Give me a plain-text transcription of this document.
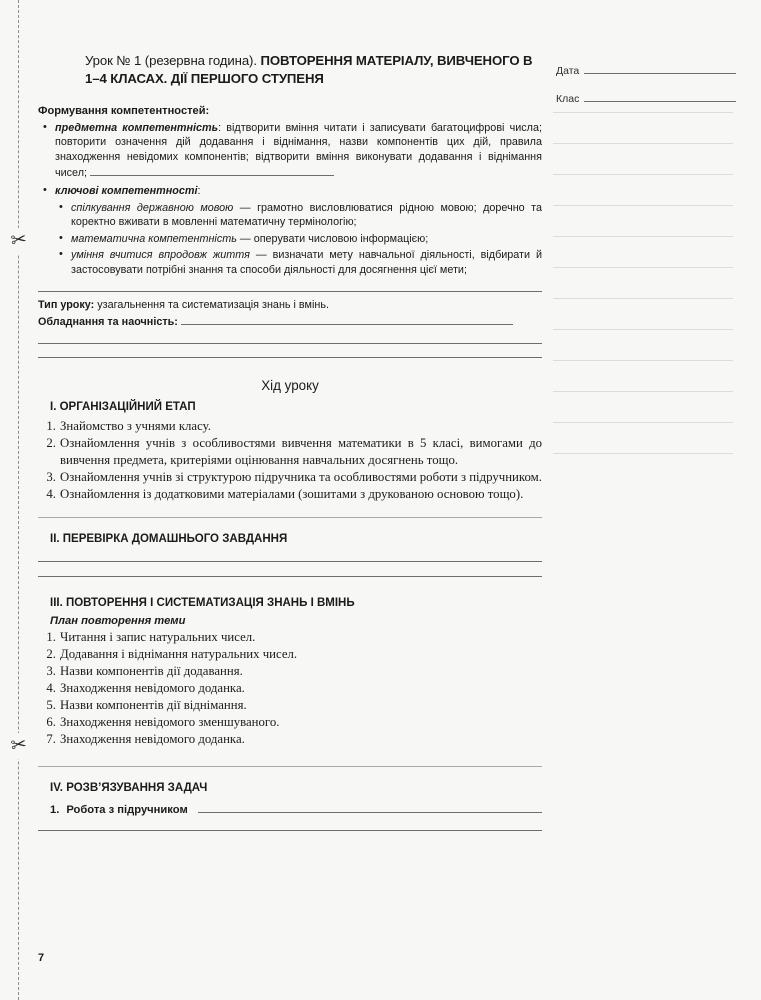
✂
✂
Дата
Клас
Урок № 1 (резервна година). ПОВТОРЕННЯ МАТЕРІАЛУ, ВИВЧЕНОГО В 1–4 КЛАСАХ. ДІЇ ПЕРШОГО СТУПЕНЯ
Формування компетентностей:
• предметна компетентність: відтворити вміння читати і записувати багатоцифрові числа; повторити означення дій додавання і віднімання, назви компонентів цих дій, правила знаходження невідомих компонентів; відтворити вміння виконувати додавання і віднімання чисел;
• ключові компетентності:
• спілкування державною мовою — грамотно висловлюватися рідною мовою; доречно та коректно вживати в мовленні математичну термінологію;
• математична компетентність — оперувати числовою інформацією;
• уміння вчитися впродовж життя — визначати мету навчальної діяльності, відбирати й застосовувати потрібні знання та способи діяльності для досягнення цієї мети;
Тип уроку: узагальнення та систематизація знань і вмінь.
Обладнання та наочність:
Хід уроку
I. ОРГАНІЗАЦІЙНИЙ ЕТАП
1. Знайомство з учнями класу.
2. Ознайомлення учнів з особливостями вивчення математики в 5 класі, вимогами до вивчення предмета, критеріями оцінювання навчальних досягнень тощо.
3. Ознайомлення учнів зі структурою підручника та особливостями роботи з підручником.
4. Ознайомлення із додатковими матеріалами (зошитами з друкованою основою тощо).
II. ПЕРЕВІРКА ДОМАШНЬОГО ЗАВДАННЯ
III. ПОВТОРЕННЯ І СИСТЕМАТИЗАЦІЯ ЗНАНЬ І ВМІНЬ
План повторення теми
1. Читання і запис натуральних чисел.
2. Додавання і віднімання натуральних чисел.
3. Назви компонентів дії додавання.
4. Знаходження невідомого доданка.
5. Назви компонентів дії віднімання.
6. Знаходження невідомого зменшуваного.
7. Знаходження невідомого доданка.
IV. РОЗВ’ЯЗУВАННЯ ЗАДАЧ
1. Робота з підручником
7
